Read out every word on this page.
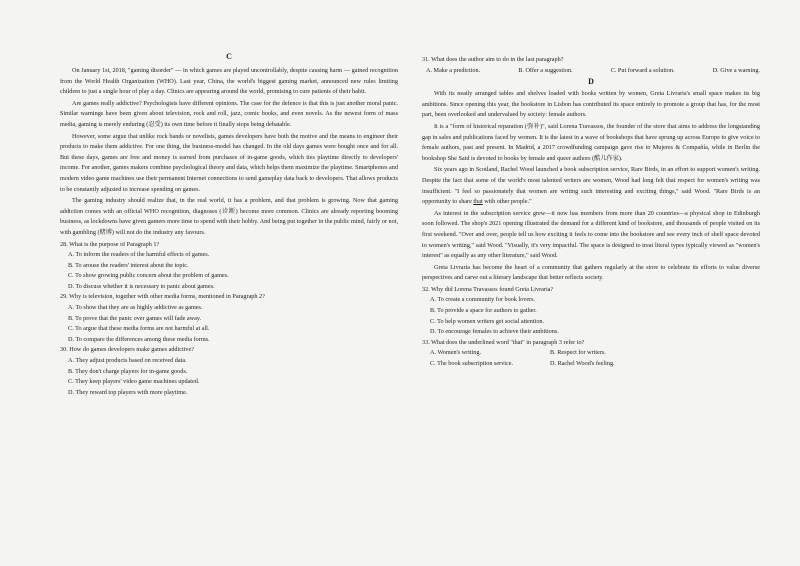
C

On January 1st, 2018, "gaming disorder" — in which games are played uncontrollably, despite causing harm — gained recognition from the World Health Organization (WHO). Last year, China, the world's biggest gaming market, announced new rules limiting children to just a single hour of play a day. Clinics are appearing around the world, promising to cure patients of their habit.

Are games really addictive? Psychologists have different opinions. The case for the defence is that this is just another moral panic. Similar warnings have been given about television, rock and roll, jazz, comic books, and even novels. As the newest form of mass media, gaming is merely enduring (忍受) its own time before it finally stops being debatable.

However, some argue that unlike rock bands or novelists, games developers have both the motive and the means to engineer their products to make them addictive. For one thing, the business-model has changed. In the old days games were bought once and for all. But these days, games are free and money is earned from purchases of in-game goods, which ties playtime directly to developers' income. For another, games makers combine psychological theory and data, which helps them maximize the playtime. Smartphones and modern video game machines use their permanent Internet connections to send gameplay data back to developers. That allows products to be constantly adjusted to increase spending on games.

The gaming industry should realize that, in the real world, it has a problem, and that problem is growing. Now that gaming addiction comes with an official WHO recognition, diagnoses (诊断) become more common. Clinics are already reporting booming business, as lockdowns have given gamers more time to spend with their hobby. And being put together in the public mind, fairly or not, with gambling (赌博) will not do the industry any favours.

28. What is the purpose of Paragraph 1?
A. To inform the readers of the harmful effects of games.
B. To arouse the readers' interest about the topic.
C. To show growing public concern about the problem of games.
D. To discuss whether it is necessary to panic about games.
29. Why is television, together with other media forms, mentioned in Paragraph 2?
A. To show that they are as highly addictive as games.
B. To prove that the panic over games will fade away.
C. To argue that these media forms are not harmful at all.
D. To compare the differences among these media forms.
30. How do games developers make games addictive?
A. They adjust products based on received data.
B. They don't charge players for in-game goods.
C. They keep players' video game machines updated.
D. They reward top players with more playtime.
31. What does the author aim to do in the last paragraph?
A. Make a prediction.	B. Offer a suggestion.	C. Put forward a solution.	D. Give a warning.
D

With its neatly arranged tables and shelves loaded with books written by women, Greta Livraria's small space makes its big ambitions. Since opening this year, the bookstore in Lisbon has contributed its space entirely to promote a group that has, for the most part, been overlooked and undervalued by society: female authors.

It is a "form of historical reparation (弥补)", said Lorena Travassos, the founder of the store that aims to address the longstanding gap in sales and publications faced by women. It is the latest in a wave of bookshops that have sprung up across Europe to give voice to female authors, past and present. In Madrid, a 2017 crowdfunding campaign gave rise to Mujeres & Compañía, while in Berlin the bookshop She Said is devoted to books by female and queer authors (酷儿作家).

Six years ago in Scotland, Rachel Wood launched a book subscription service, Rare Birds, in an effort to support women's writing. Despite the fact that some of the world's most talented writers are women, Wood had long felt that respect for women's writing was insufficient. "I feel so passionately that women are writing such interesting and exciting things," said Wood. "Rare Birds is an opportunity to share that with other people."

As interest in the subscription service grew—it now has members from more than 20 countries—a physical shop in Edinburgh soon followed. The shop's 2021 opening illustrated the demand for a different kind of bookstore, and thousands of people visited on its first weekend. "Over and over, people tell us how exciting it feels to come into the bookstore and see every inch of shelf space devoted to women's writing," said Wood. "Visually, it's very impactful. The space is designed to treat literal types typically viewed as "women's interest" as equally as any other literature," said Wood.

Greta Livraria has become the heart of a community that gathers regularly at the store to celebrate its efforts to value diverse perspectives and carve out a literary landscape that better reflects society.

32. Why did Lorena Travassos found Greta Livraria?
A. To create a community for book lovers.
B. To provide a space for authors to gather.
C. To help women writers get social attention.
D. To encourage females to achieve their ambitions.
33. What does the underlined word "that" in paragraph 3 refer to?
A. Women's writing.	B. Respect for writers.
C. The book subscription service.	D. Rachel Wood's feeling.
